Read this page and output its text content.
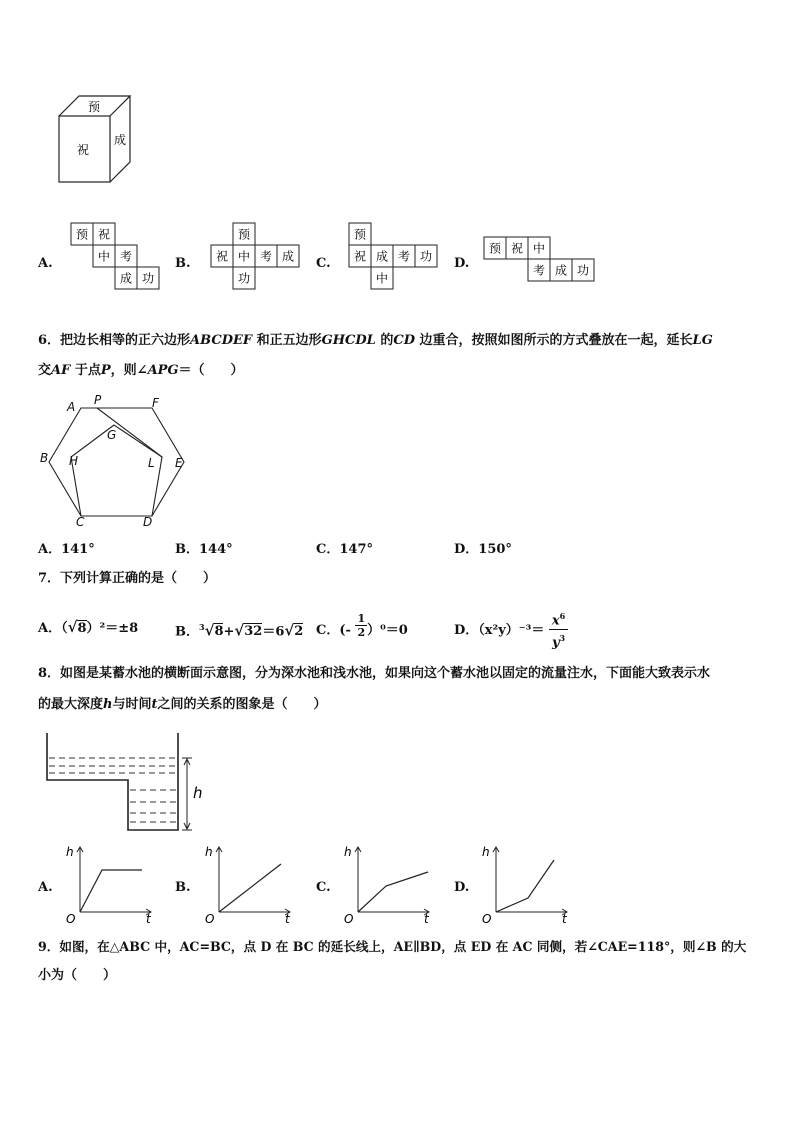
预
祝
成
A.	B.	C.	D.
预 祝
中 考
成 功
预
祝 中 考 成
功
预
祝 成 考 功
中
预 祝 中
考 成 功
6．把边长相等的正六边形ABCDEF 和正五边形GHCDL 的CD 边重合，按照如图所示的方式叠放在一起，延长LG
交AF 于点P，则∠APG＝（　　）
A P	F
G
B H	L E
C	D
A．141°	B．144°	C．147°	D．150°
7．下列计算正确的是（　　）
A．（√8）²＝±8	B．$^3$√8+√32＝6√2 C．(- $\frac{1}{2} )^0=0$	D．$(x^2y)^{-3}= \frac{x^6}{y^3}$
8．如图是某蓄水池的横断面示意图，分为深水池和浅水池，如果向这个蓄水池以固定的流量注水，下面能大致表示水
的最大深度h与时间t之间的关系的图象是（　　）
h
A.	B.	C.	D.
h
t
O
h
t
O
h
t
O
h
t
O
9．如图，在△ABC 中，AC=BC，点 D 在 BC 的延长线上，AE∥BD，点 ED 在 AC 同侧，若∠CAE=118°，则∠B 的大
小为（　　）
